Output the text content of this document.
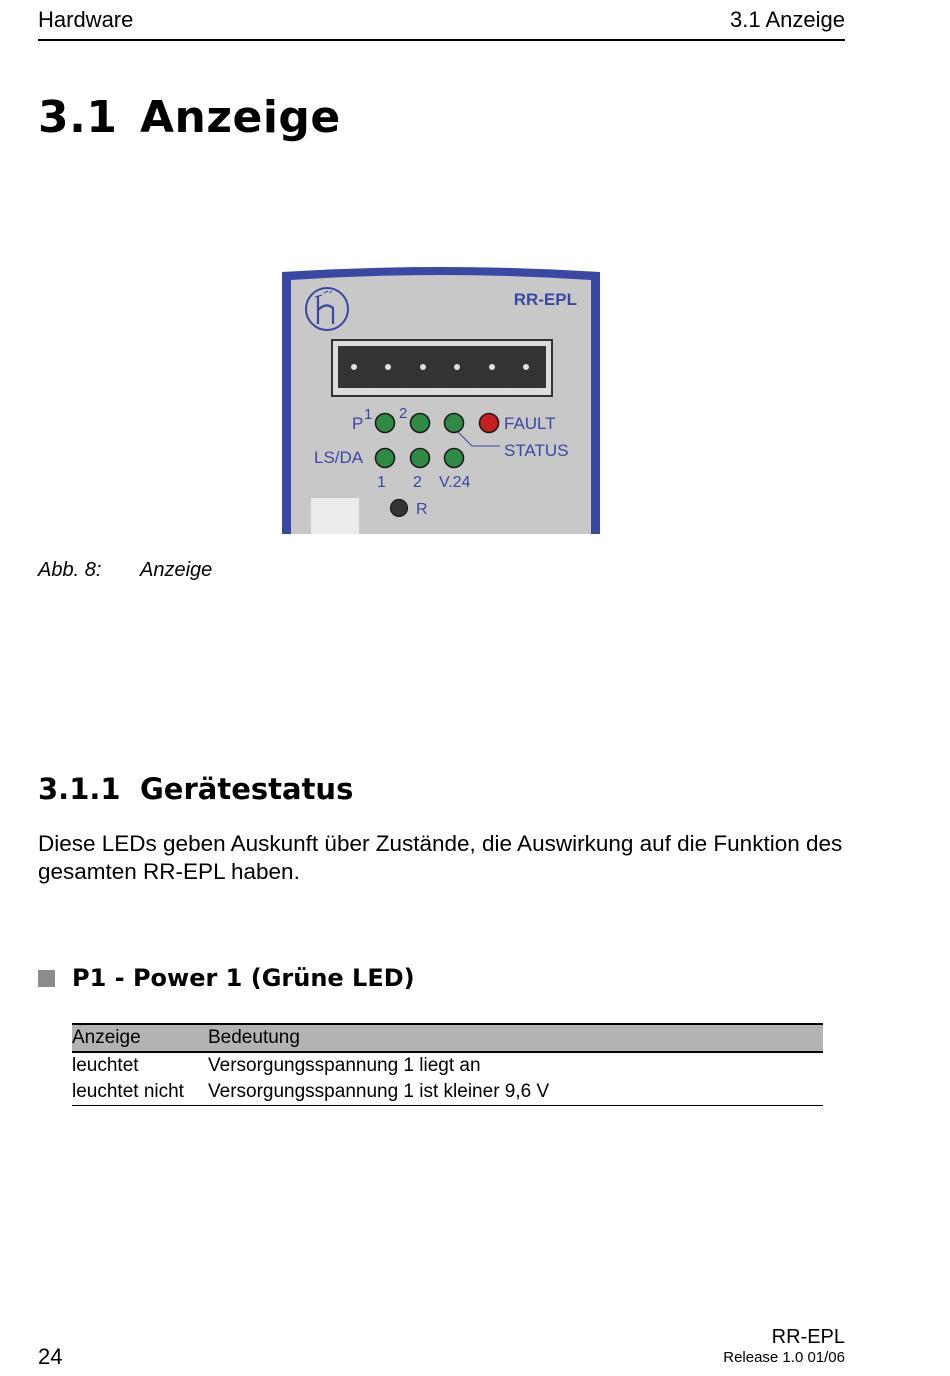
Hardware	3.1 Anzeige
3.1 Anzeige
RR-EPL
P 1 2
FAULT
STATUS
LS/DA
1 2 V.24
R
Abb. 8: Anzeige
3.1.1 Gerätestatus
Diese LEDs geben Auskunft über Zustände, die Auswirkung auf die Funktion des gesamten RR-EPL haben.
P1 - Power 1 (Grüne LED)
Anzeige	Bedeutung
leuchtet	Versorgungsspannung 1 liegt an
leuchtet nicht	Versorgungsspannung 1 ist kleiner 9,6 V
24
RR-EPL
Release 1.0 01/06
